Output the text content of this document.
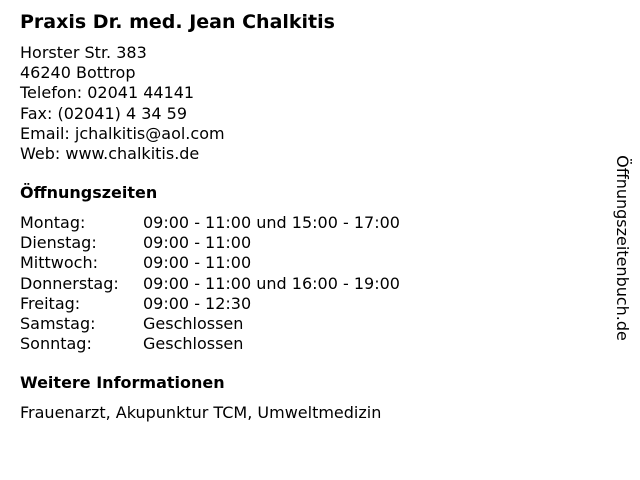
Praxis Dr. med. Jean Chalkitis
Horster Str. 383
46240 Bottrop
Telefon: 02041 44141
Fax: (02041) 4 34 59
Email: jchalkitis@aol.com
Web: www.chalkitis.de
Öffnungszeiten
Montag:	09:00 - 11:00 und 15:00 - 17:00
Dienstag:	09:00 - 11:00
Mittwoch:	09:00 - 11:00
Donnerstag: 09:00 - 11:00 und 16:00 - 19:00
Freitag:	09:00 - 12:30
Samstag:	Geschlossen
Sonntag:	Geschlossen
Weitere Informationen
Frauenarzt, Akupunktur TCM, Umweltmedizin
Öffnungszeitenbuch.de
